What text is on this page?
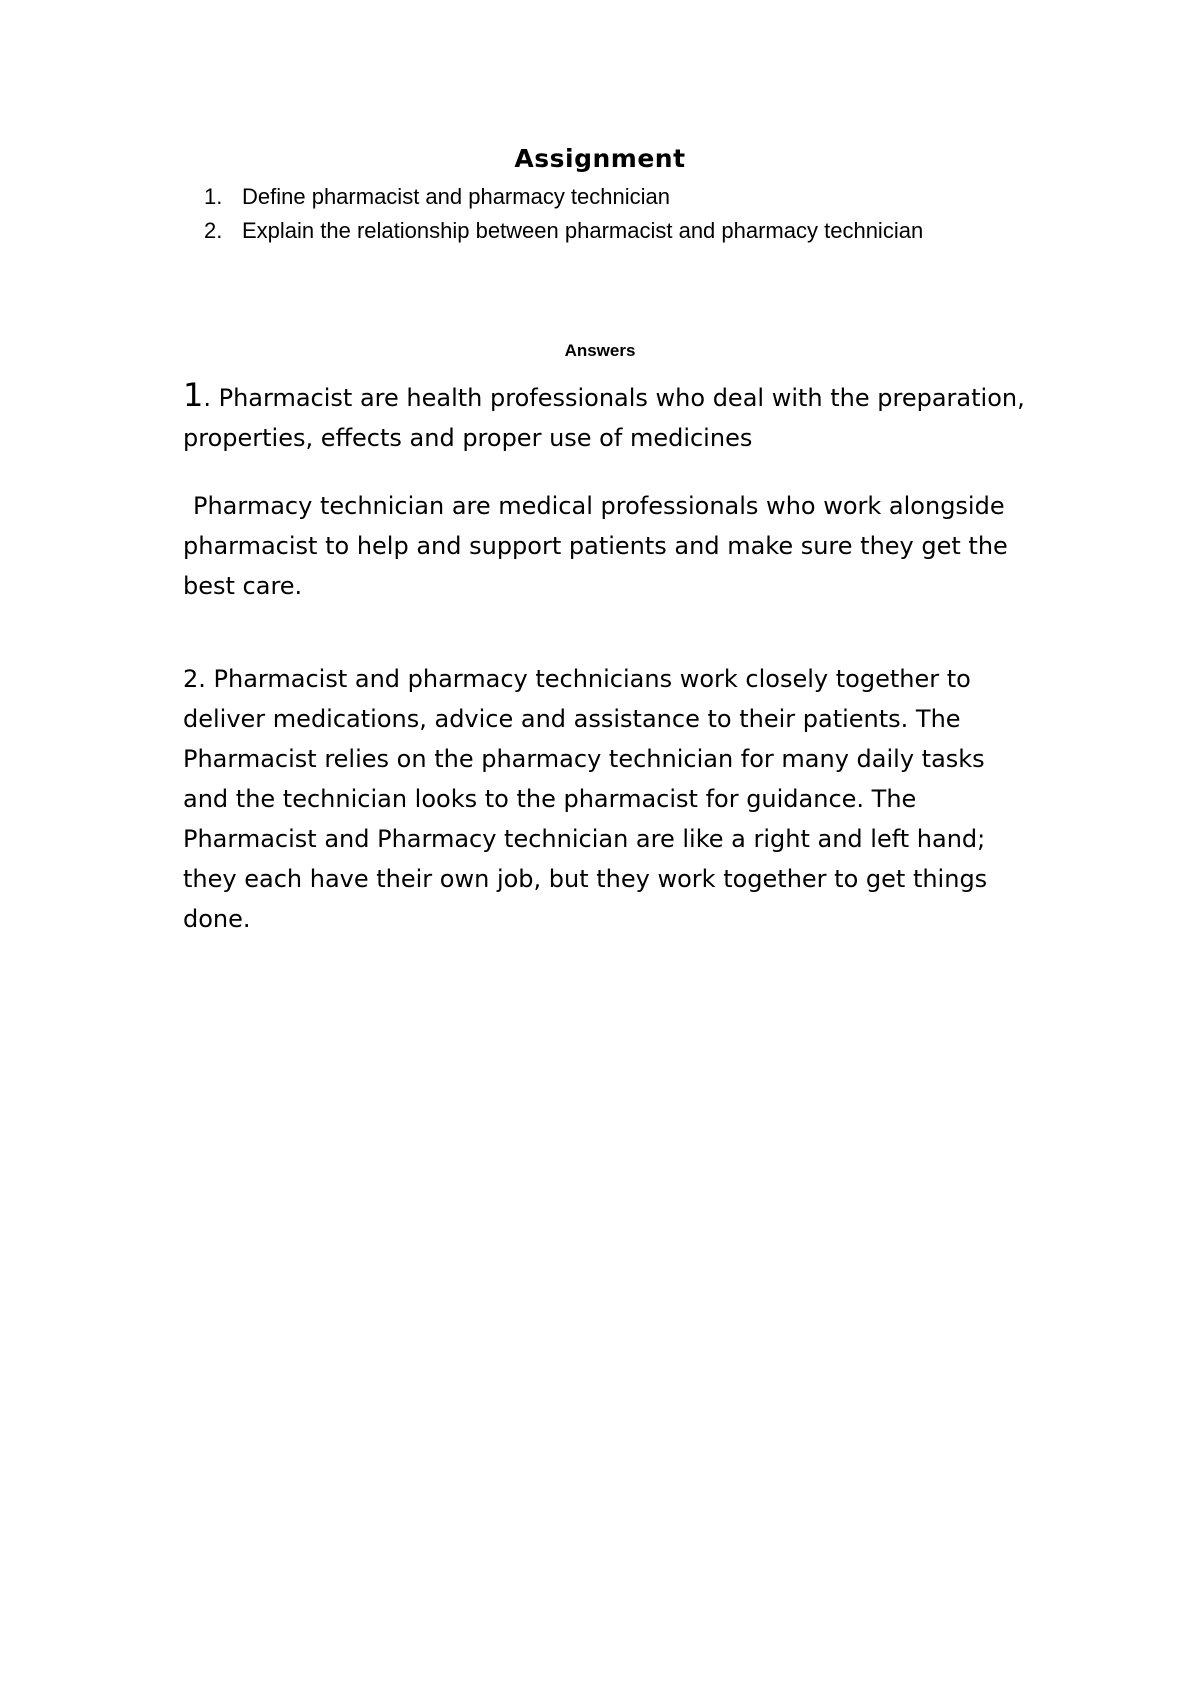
Assignment
1. Define pharmacist and pharmacy technician
2. Explain the relationship between pharmacist and pharmacy technician
Answers
1. Pharmacist are health professionals who deal with the preparation, properties, effects and proper use of medicines
Pharmacy technician are medical professionals who work alongside pharmacist to help and support patients and make sure they get the best care.
2. Pharmacist and pharmacy technicians work closely together to deliver medications, advice and assistance to their patients. The Pharmacist relies on the pharmacy technician for many daily tasks and the technician looks to the pharmacist for guidance. The Pharmacist and Pharmacy technician are like a right and left hand; they each have their own job, but they work together to get things done.
